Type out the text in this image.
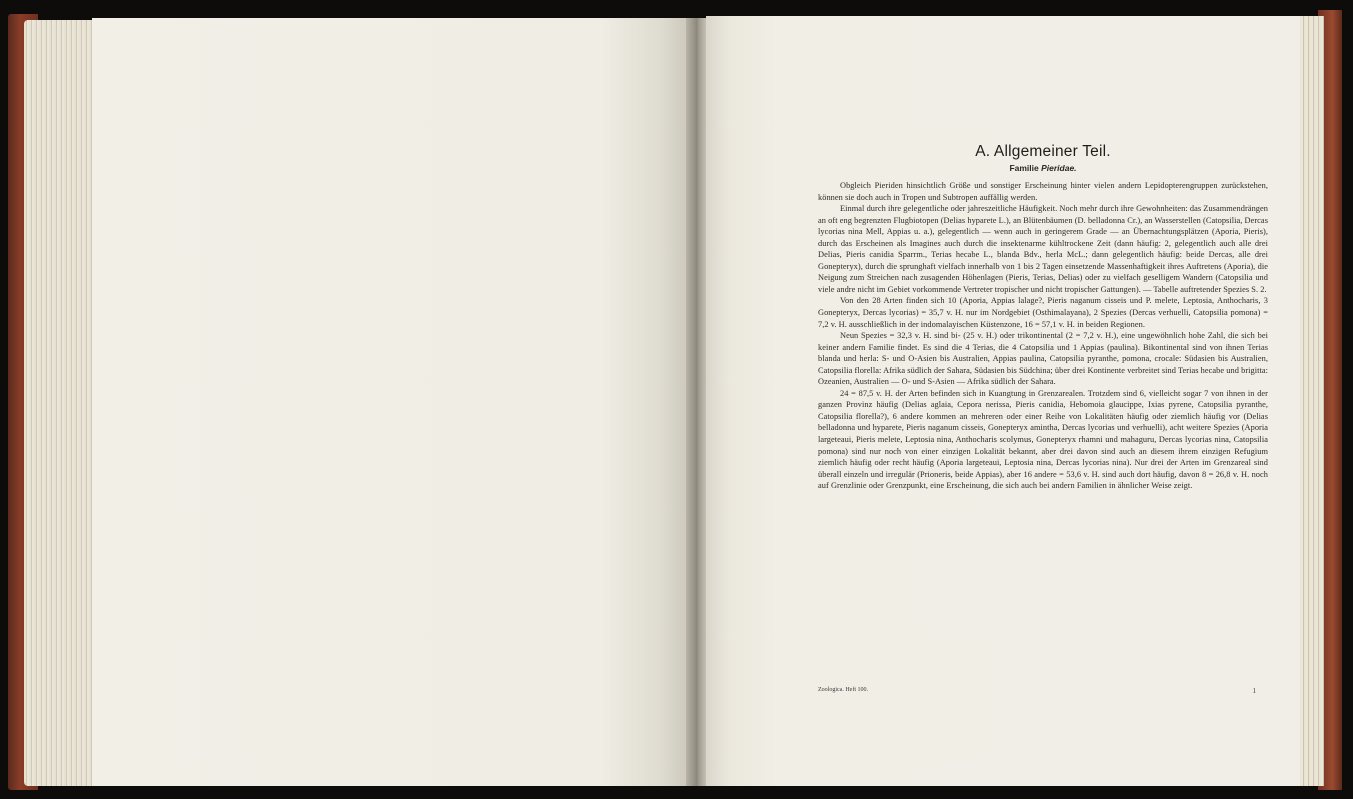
A. Allgemeiner Teil.

Familie Pieridae.

Obgleich Pieriden hinsichtlich Größe und sonstiger Erscheinung hinter vielen andern Lepidopterengruppen zurückstehen, können sie doch auch in Tropen und Subtropen auffällig werden.

Einmal durch ihre gelegentliche oder jahreszeitliche Häufigkeit. Noch mehr durch ihre Gewohnheiten: das Zusammendrängen an oft eng begrenzten Flugbiotopen (Delias hyparete L.), an Blütenbäumen (D. belladonna Cr.), an Wasserstellen (Catopsilia, Dercas lycorias nina Mell, Appias u. a.), gelegentlich — wenn auch in geringerem Grade — an Übernachtungsplätzen (Aporia, Pieris), durch das Erscheinen als Imagines auch durch die insektenarme kühltrockene Zeit (dann häufig: 2, gelegentlich auch alle drei Delias, Pieris canidia Sparrm., Terias hecabe L., blanda Bdv., herla McL.; dann gelegentlich häufig: beide Dercas, alle drei Gonepteryx), durch die sprunghaft vielfach innerhalb von 1 bis 2 Tagen einsetzende Massenhaftigkeit ihres Auftretens (Aporia), die Neigung zum Streichen nach zusagenden Höhenlagen (Pieris, Terias, Delias) oder zu vielfach geselligem Wandern (Catopsilia und viele andre nicht im Gebiet vorkommende Vertreter tropischer und nicht tropischer Gattungen). — Tabelle auftretender Spezies S. 2.

Von den 28 Arten finden sich 10 (Aporia, Appias lalage?, Pieris naganum cisseis und P. melete, Leptosia, Anthocharis, 3 Gonepteryx, Dercas lycorias) = 35,7 v. H. nur im Nordgebiet (Osthimalayana), 2 Spezies (Dercas verhuelli, Catopsilia pomona) = 7,2 v. H. ausschließlich in der indomalayischen Küstenzone, 16 = 57,1 v. H. in beiden Regionen.

Neun Spezies = 32,3 v. H. sind bi- (25 v. H.) oder trikontinental (2 = 7,2 v. H.), eine ungewöhnlich hohe Zahl, die sich bei keiner andern Familie findet. Es sind die 4 Terias, die 4 Catopsilia und 1 Appias (paulina). Bikontinental sind von ihnen Terias blanda und herla: S- und O-Asien bis Australien, Appias paulina, Catopsilia pyranthe, pomona, crocale: Südasien bis Australien, Catopsilia florella: Afrika südlich der Sahara, Südasien bis Südchina; über drei Kontinente verbreitet sind Terias hecabe und brigitta: Ozeanien, Australien — O- und S-Asien — Afrika südlich der Sahara.

24 = 87,5 v. H. der Arten befinden sich in Kuangtung in Grenzarealen. Trotzdem sind 6, vielleicht sogar 7 von ihnen in der ganzen Provinz häufig (Delias aglaia, Cepora nerissa, Pieris canidia, Hebomoia glaucippe, Ixias pyrene, Catopsilia pyranthe, Catopsilia florella?), 6 andere kommen an mehreren oder einer Reihe von Lokalitäten häufig oder ziemlich häufig vor (Delias belladonna und hyparete, Pieris naganum cisseis, Gonepteryx amintha, Dercas lycorias und verhuelli), acht weitere Spezies (Aporia largeteaui, Pieris melete, Leptosia nina, Anthocharis scolymus, Gonepteryx rhamni und mahaguru, Dercas lycorias nina, Catopsilia pomona) sind nur noch von einer einzigen Lokalität bekannt, aber drei davon sind auch an diesem ihrem einzigen Refugium ziemlich häufig oder recht häufig (Aporia largeteaui, Leptosia nina, Dercas lycorias nina). Nur drei der Arten im Grenzareal sind überall einzeln und irregulär (Prioneris, beide Appias), aber 16 andere = 53,6 v. H. sind auch dort häufig, davon 8 = 26,8 v. H. noch auf Grenzlinie oder Grenzpunkt, eine Erscheinung, die sich auch bei andern Familien in ähnlicher Weise zeigt.

Zoologica. Heft 100.	1
